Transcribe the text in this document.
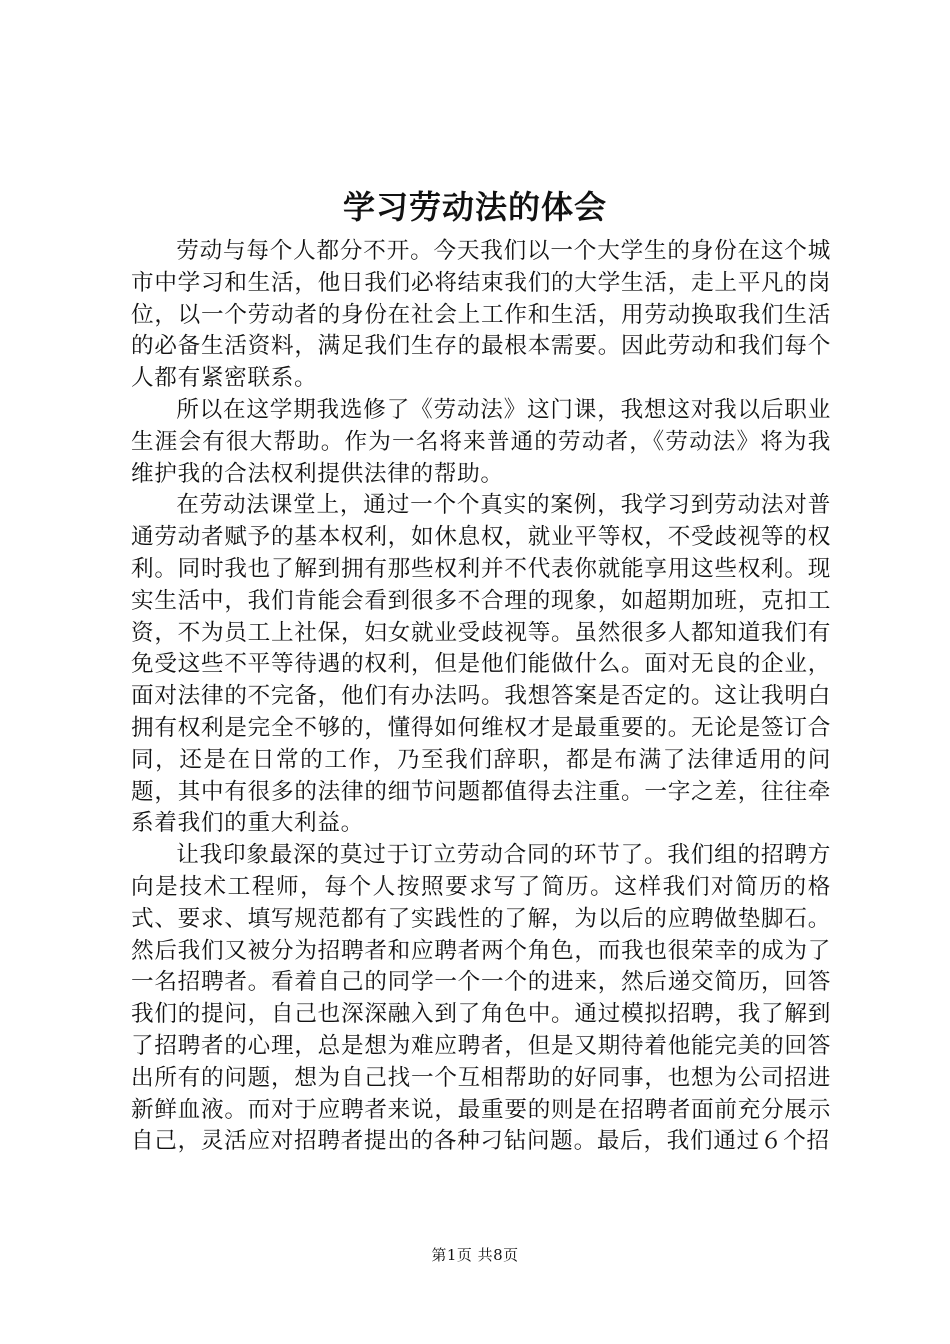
学习劳动法的体会

劳动与每个人都分不开。今天我们以一个大学生的身份在这个城市中学习和生活，他日我们必将结束我们的大学生活，走上平凡的岗位，以一个劳动者的身份在社会上工作和生活，用劳动换取我们生活的必备生活资料，满足我们生存的最根本需要。因此劳动和我们每个人都有紧密联系。

所以在这学期我选修了《劳动法》这门课，我想这对我以后职业生涯会有很大帮助。作为一名将来普通的劳动者，《劳动法》将为我维护我的合法权利提供法律的帮助。

在劳动法课堂上，通过一个个真实的案例，我学习到劳动法对普通劳动者赋予的基本权利，如休息权，就业平等权，不受歧视等的权利。同时我也了解到拥有那些权利并不代表你就能享用这些权利。现实生活中，我们肯能会看到很多不合理的现象，如超期加班，克扣工资，不为员工上社保，妇女就业受歧视等。虽然很多人都知道我们有免受这些不平等待遇的权利，但是他们能做什么。面对无良的企业，面对法律的不完备，他们有办法吗。我想答案是否定的。这让我明白拥有权利是完全不够的，懂得如何维权才是最重要的。无论是签订合同，还是在日常的工作，乃至我们辞职，都是布满了法律适用的问题，其中有很多的法律的细节问题都值得去注重。一字之差，往往牵系着我们的重大利益。

让我印象最深的莫过于订立劳动合同的环节了。我们组的招聘方向是技术工程师，每个人按照要求写了简历。这样我们对简历的格式、要求、填写规范都有了实践性的了解，为以后的应聘做垫脚石。然后我们又被分为招聘者和应聘者两个角色，而我也很荣幸的成为了一名招聘者。看着自己的同学一个一个的进来，然后递交简历，回答我们的提问，自己也深深融入到了角色中。通过模拟招聘，我了解到了招聘者的心理，总是想为难应聘者，但是又期待着他能完美的回答出所有的问题，想为自己找一个互相帮助的好同事，也想为公司招进新鲜血液。而对于应聘者来说，最重要的则是在招聘者面前充分展示自己，灵活应对招聘者提出的各种刁钻问题。最后，我们通过６个招

第1页 共8页
